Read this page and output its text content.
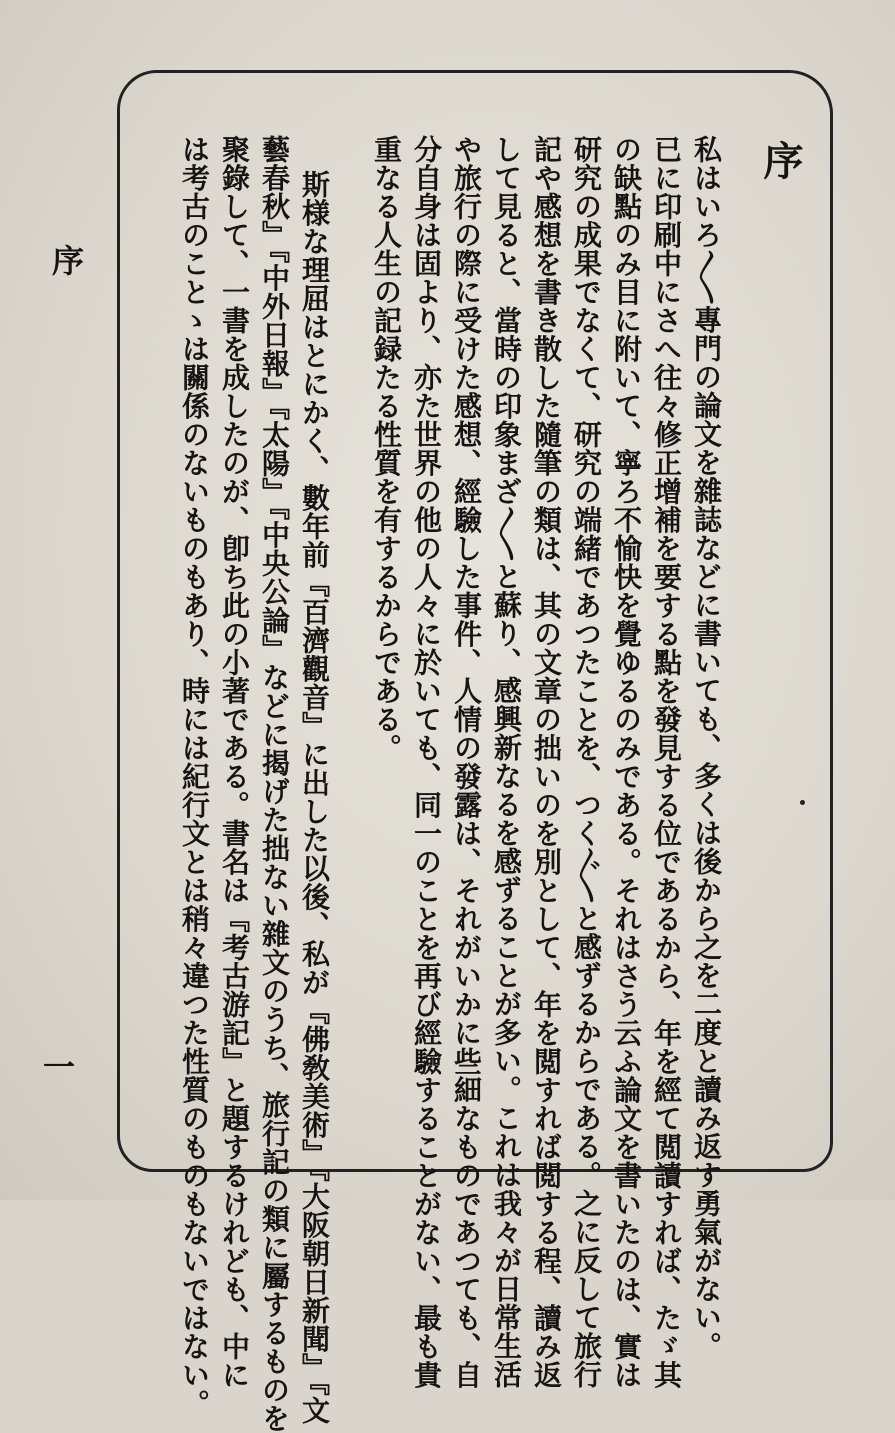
序
一
序
私はいろ〳〵專門の論文を雜誌などに書いても、多くは後から之を二度と讀み返す勇氣がない。
已に印刷中にさへ往々修正增補を要する點を發見する位であるから、年を經て閲讀すれば、たゞ其
の缺點のみ目に附いて、寧ろ不愉快を覺ゆるのみである。それはさう云ふ論文を書いたのは、實は
研究の成果でなくて、研究の端緒であつたことを、つく〲と感ずるからである。之に反して旅行
記や感想を書き散した隨筆の類は、其の文章の拙いのを別として、年を閲すれば閲する程、讀み返
して見ると、當時の印象まざ〳〵と蘇り、感興新なるを感ずることが多い。これは我々が日常生活
や旅行の際に受けた感想、經驗した事件、人情の發露は、それがいかに些細なものであつても、自
分自身は固より、亦た世界の他の人々に於いても、同一のことを再び經驗することがない、最も貴
重なる人生の記録たる性質を有するからである。
斯様な理屈はとにかく、數年前『百濟觀音』に出した以後、私が『佛敎美術』『大阪朝日新聞』『文
藝春秋』『中外日報』『太陽』『中央公論』などに揭げた拙ない雜文のうち、旅行記の類に屬するものを
聚錄して、一書を成したのが、卽ち此の小著である。書名は『考古游記』と題するけれども、中に
は考古のことゝは關係のないものもあり、時には紀行文とは稍々違つた性質のものもないではない。
